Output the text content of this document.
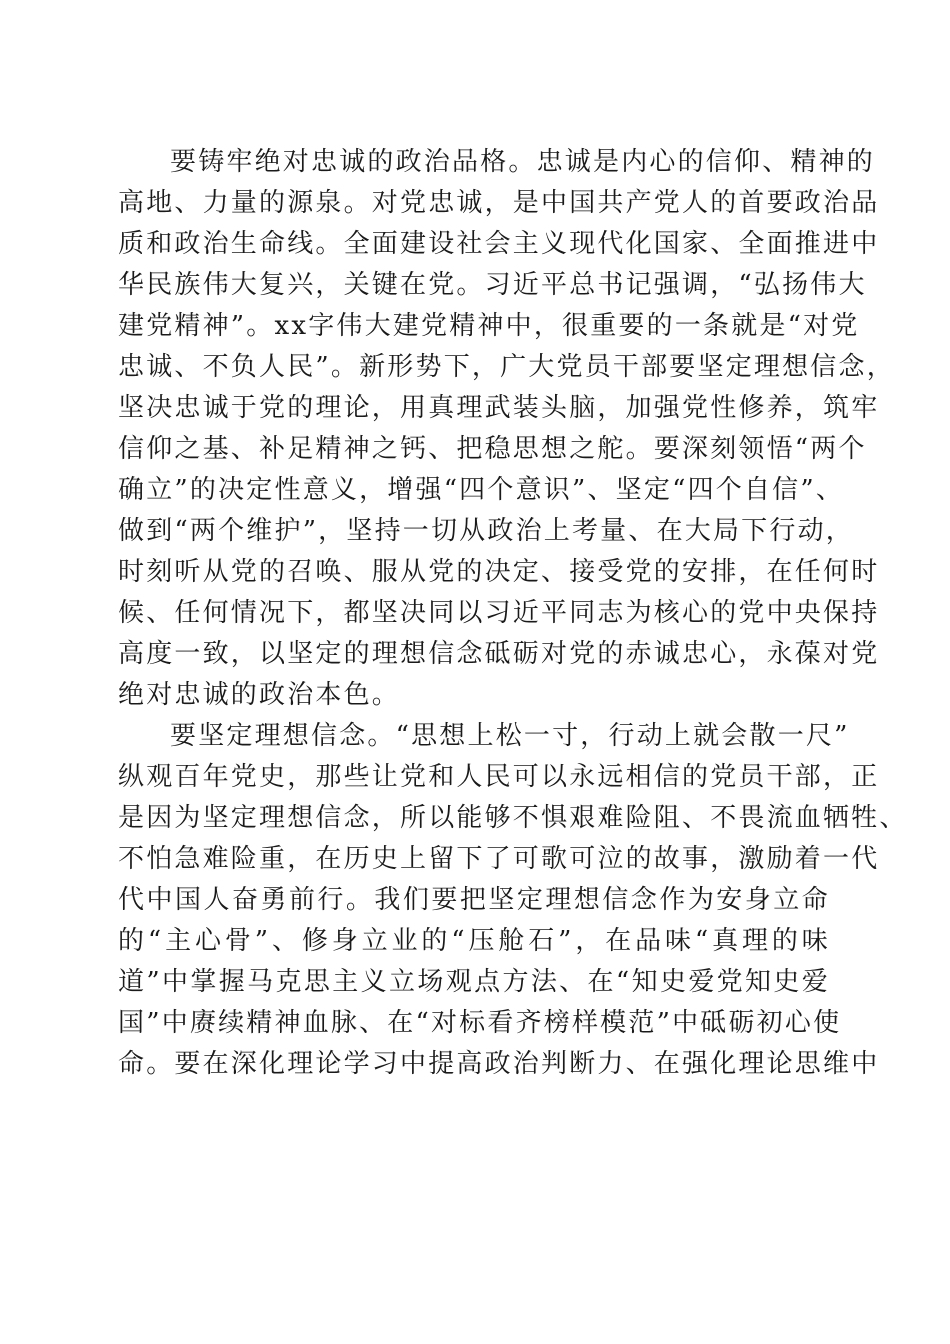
要铸牢绝对忠诚的政治品格。忠诚是内心的信仰、精神的
高地、力量的源泉。对党忠诚，是中国共产党人的首要政治品
质和政治生命线。全面建设社会主义现代化国家、全面推进中
华民族伟大复兴，关键在党。习近平总书记强调，“弘扬伟大
建党精神”。xx字伟大建党精神中，很重要的一条就是“对党
忠诚、不负人民”。新形势下，广大党员干部要坚定理想信念，
坚决忠诚于党的理论，用真理武装头脑，加强党性修养，筑牢
信仰之基、补足精神之钙、把稳思想之舵。要深刻领悟“两个
确立”的决定性意义，增强“四个意识”、坚定“四个自信”、
做到“两个维护”，坚持一切从政治上考量、在大局下行动，
时刻听从党的召唤、服从党的决定、接受党的安排，在任何时
候、任何情况下，都坚决同以习近平同志为核心的党中央保持
高度一致，以坚定的理想信念砥砺对党的赤诚忠心，永葆对党
绝对忠诚的政治本色。
要坚定理想信念。“思想上松一寸，行动上就会散一尺”
纵观百年党史，那些让党和人民可以永远相信的党员干部，正
是因为坚定理想信念，所以能够不惧艰难险阻、不畏流血牺牲、
不怕急难险重，在历史上留下了可歌可泣的故事，激励着一代
代中国人奋勇前行。我们要把坚定理想信念作为安身立命
的“主心骨”、修身立业的“压舱石”，在品味“真理的味
道”中掌握马克思主义立场观点方法、在“知史爱党知史爱
国”中赓续精神血脉、在“对标看齐榜样模范”中砥砺初心使
命。要在深化理论学习中提高政治判断力、在强化理论思维中
